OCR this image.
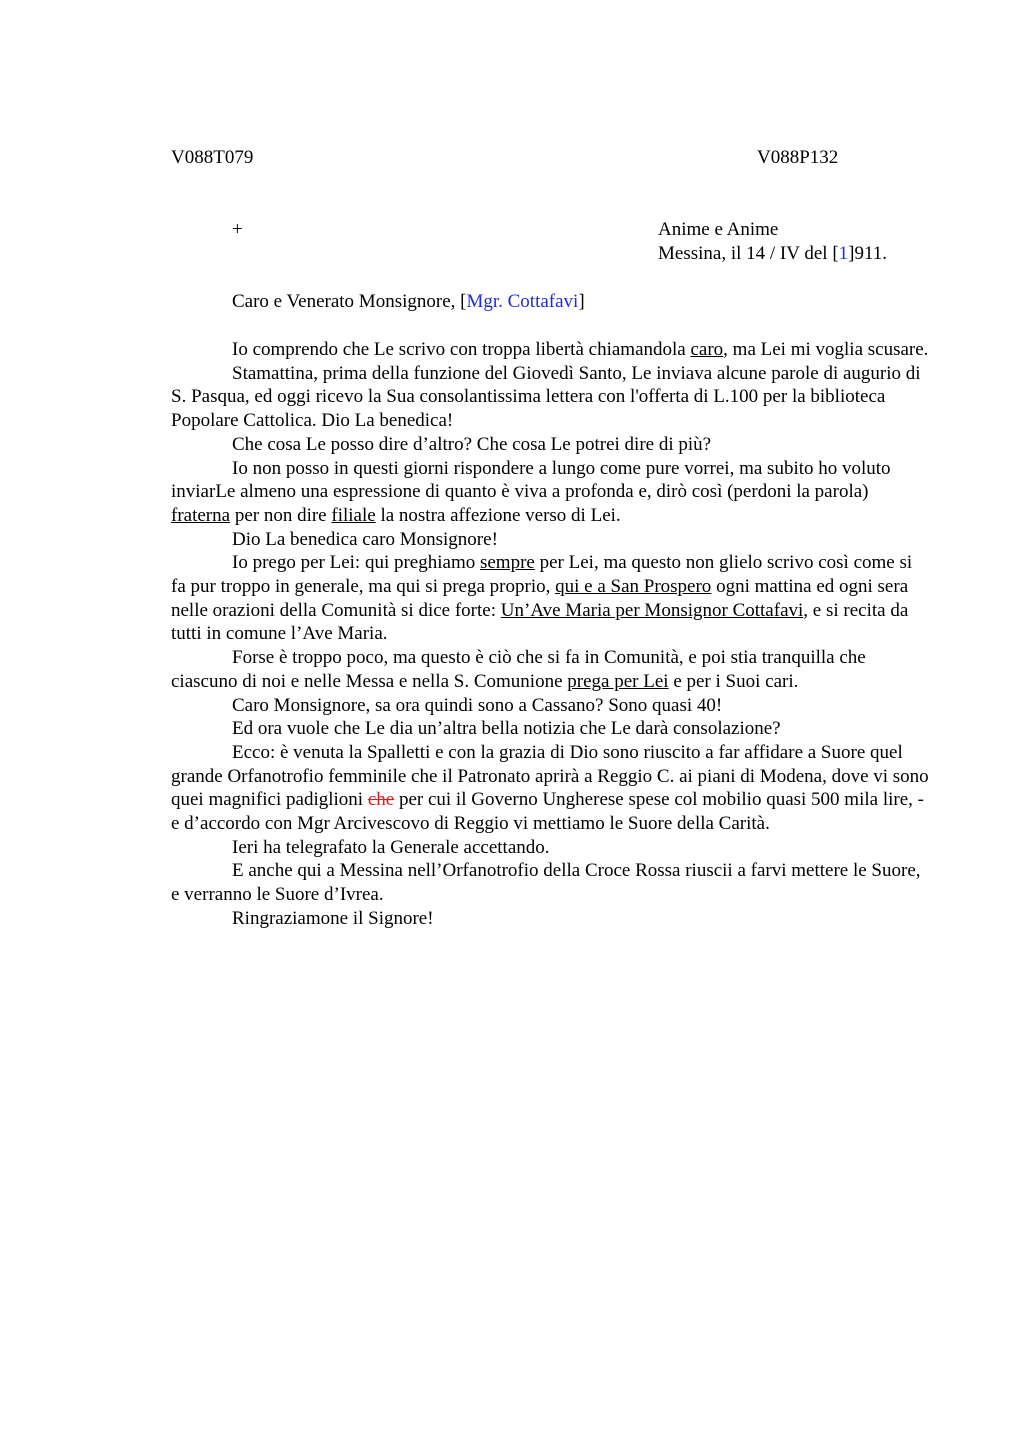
V088T079	V088P132
+	Anime e Anime
Messina, il 14 / IV del [1]911.
Caro e Venerato Monsignore, [Mgr. Cottafavi]

Io comprendo che Le scrivo con troppa libertà chiamandola caro, ma Lei mi voglia scusare.

Stamattina, prima della funzione del Giovedì Santo, Le inviava alcune parole di augurio di S. Pasqua, ed oggi ricevo la Sua consolantissima lettera con l'offerta di L.100 per la biblioteca Popolare Cattolica. Dio La benedica!

Che cosa Le posso dire d’altro? Che cosa Le potrei dire di più?

Io non posso in questi giorni rispondere a lungo come pure vorrei, ma subito ho voluto inviarLe almeno una espressione di quanto è viva a profonda e, dirò così (perdoni la parola) fraterna per non dire filiale la nostra affezione verso di Lei.

Dio La benedica caro Monsignore!

Io prego per Lei: qui preghiamo sempre per Lei, ma questo non glielo scrivo così come si fa pur troppo in generale, ma qui si prega proprio, qui e a San Prospero ogni mattina ed ogni sera nelle orazioni della Comunità si dice forte: Un’Ave Maria per Monsignor Cottafavi, e si recita da tutti in comune l’Ave Maria.

Forse è troppo poco, ma questo è ciò che si fa in Comunità, e poi stia tranquilla che ciascuno di noi e nelle Messa e nella S. Comunione prega per Lei e per i Suoi cari.

Caro Monsignore, sa ora quindi sono a Cassano? Sono quasi 40!

Ed ora vuole che Le dia un’altra bella notizia che Le darà consolazione?

Ecco: è venuta la Spalletti e con la grazia di Dio sono riuscito a far affidare a Suore quel grande Orfanotrofio femminile che il Patronato aprirà a Reggio C. ai piani di Modena, dove vi sono quei magnifici padiglioni che per cui il Governo Ungherese spese col mobilio quasi 500 mila lire, - e d’accordo con Mgr Arcivescovo di Reggio vi mettiamo le Suore della Carità.

Ieri ha telegrafato la Generale accettando.

E anche qui a Messina nell’Orfanotrofio della Croce Rossa riuscii a farvi mettere le Suore, e verranno le Suore d’Ivrea.

Ringraziamone il Signore!
